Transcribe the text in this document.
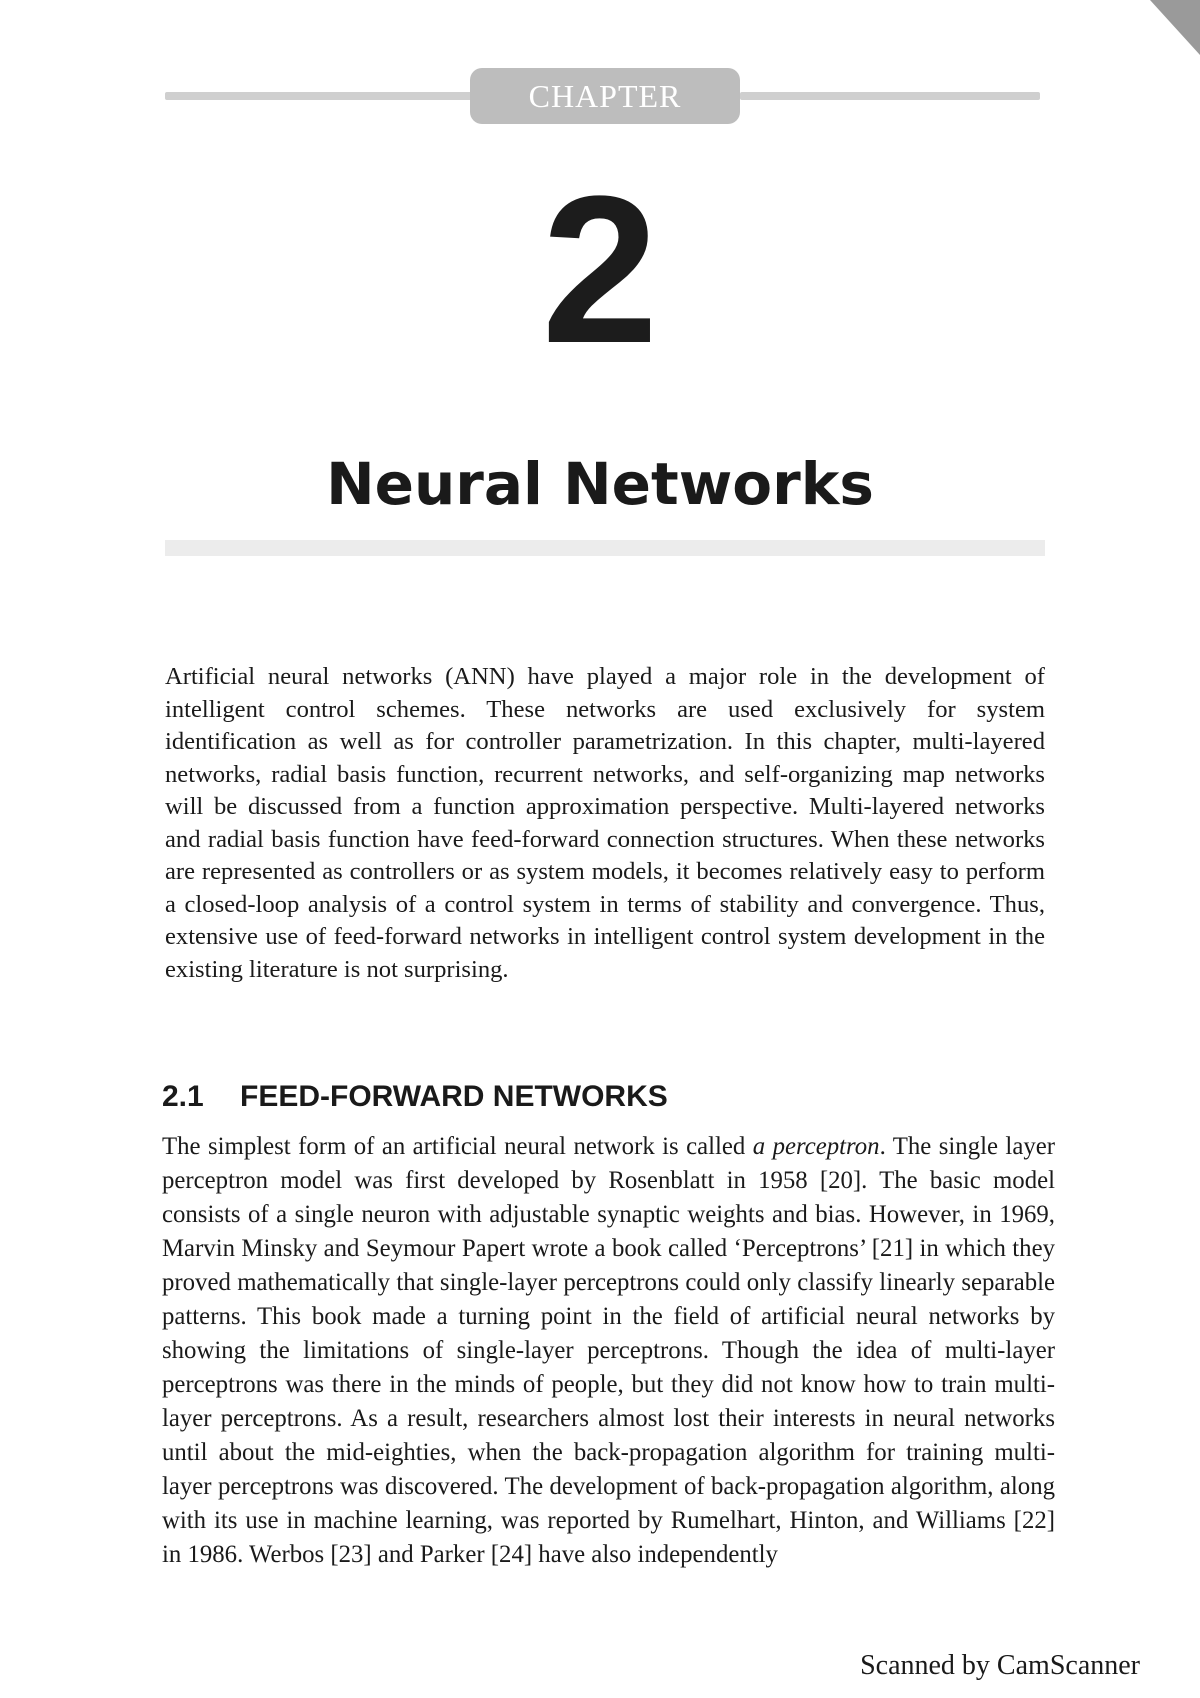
CHAPTER
2
Neural Networks

Artificial neural networks (ANN) have played a major role in the development of intelligent control schemes. These networks are used exclusively for system identification as well as for controller parametrization. In this chapter, multi-layered networks, radial basis function, recurrent networks, and self-organizing map networks will be discussed from a function approximation perspective. Multi-layered networks and radial basis function have feed-forward connection structures. When these networks are represented as controllers or as system models, it becomes relatively easy to perform a closed-loop analysis of a control system in terms of stability and convergence. Thus, extensive use of feed-forward networks in intelligent control system development in the existing literature is not surprising.

2.1 FEED-FORWARD NETWORKS

The simplest form of an artificial neural network is called a perceptron. The single layer perceptron model was first developed by Rosenblatt in 1958 [20]. The basic model consists of a single neuron with adjustable synaptic weights and bias. However, in 1969, Marvin Minsky and Seymour Papert wrote a book called ‘Perceptrons’ [21] in which they proved mathematically that single-layer perceptrons could only classify linearly separable patterns. This book made a turning point in the field of artificial neural networks by showing the limitations of single-layer perceptrons. Though the idea of multi-layer perceptrons was there in the minds of people, but they did not know how to train multi-layer perceptrons. As a result, researchers almost lost their interests in neural networks until about the mid-eighties, when the back-propagation algorithm for training multi-layer perceptrons was discovered. The development of back-propagation algorithm, along with its use in machine learning, was reported by Rumelhart, Hinton, and Williams [22] in 1986. Werbos [23] and Parker [24] have also independently

Scanned by CamScanner
